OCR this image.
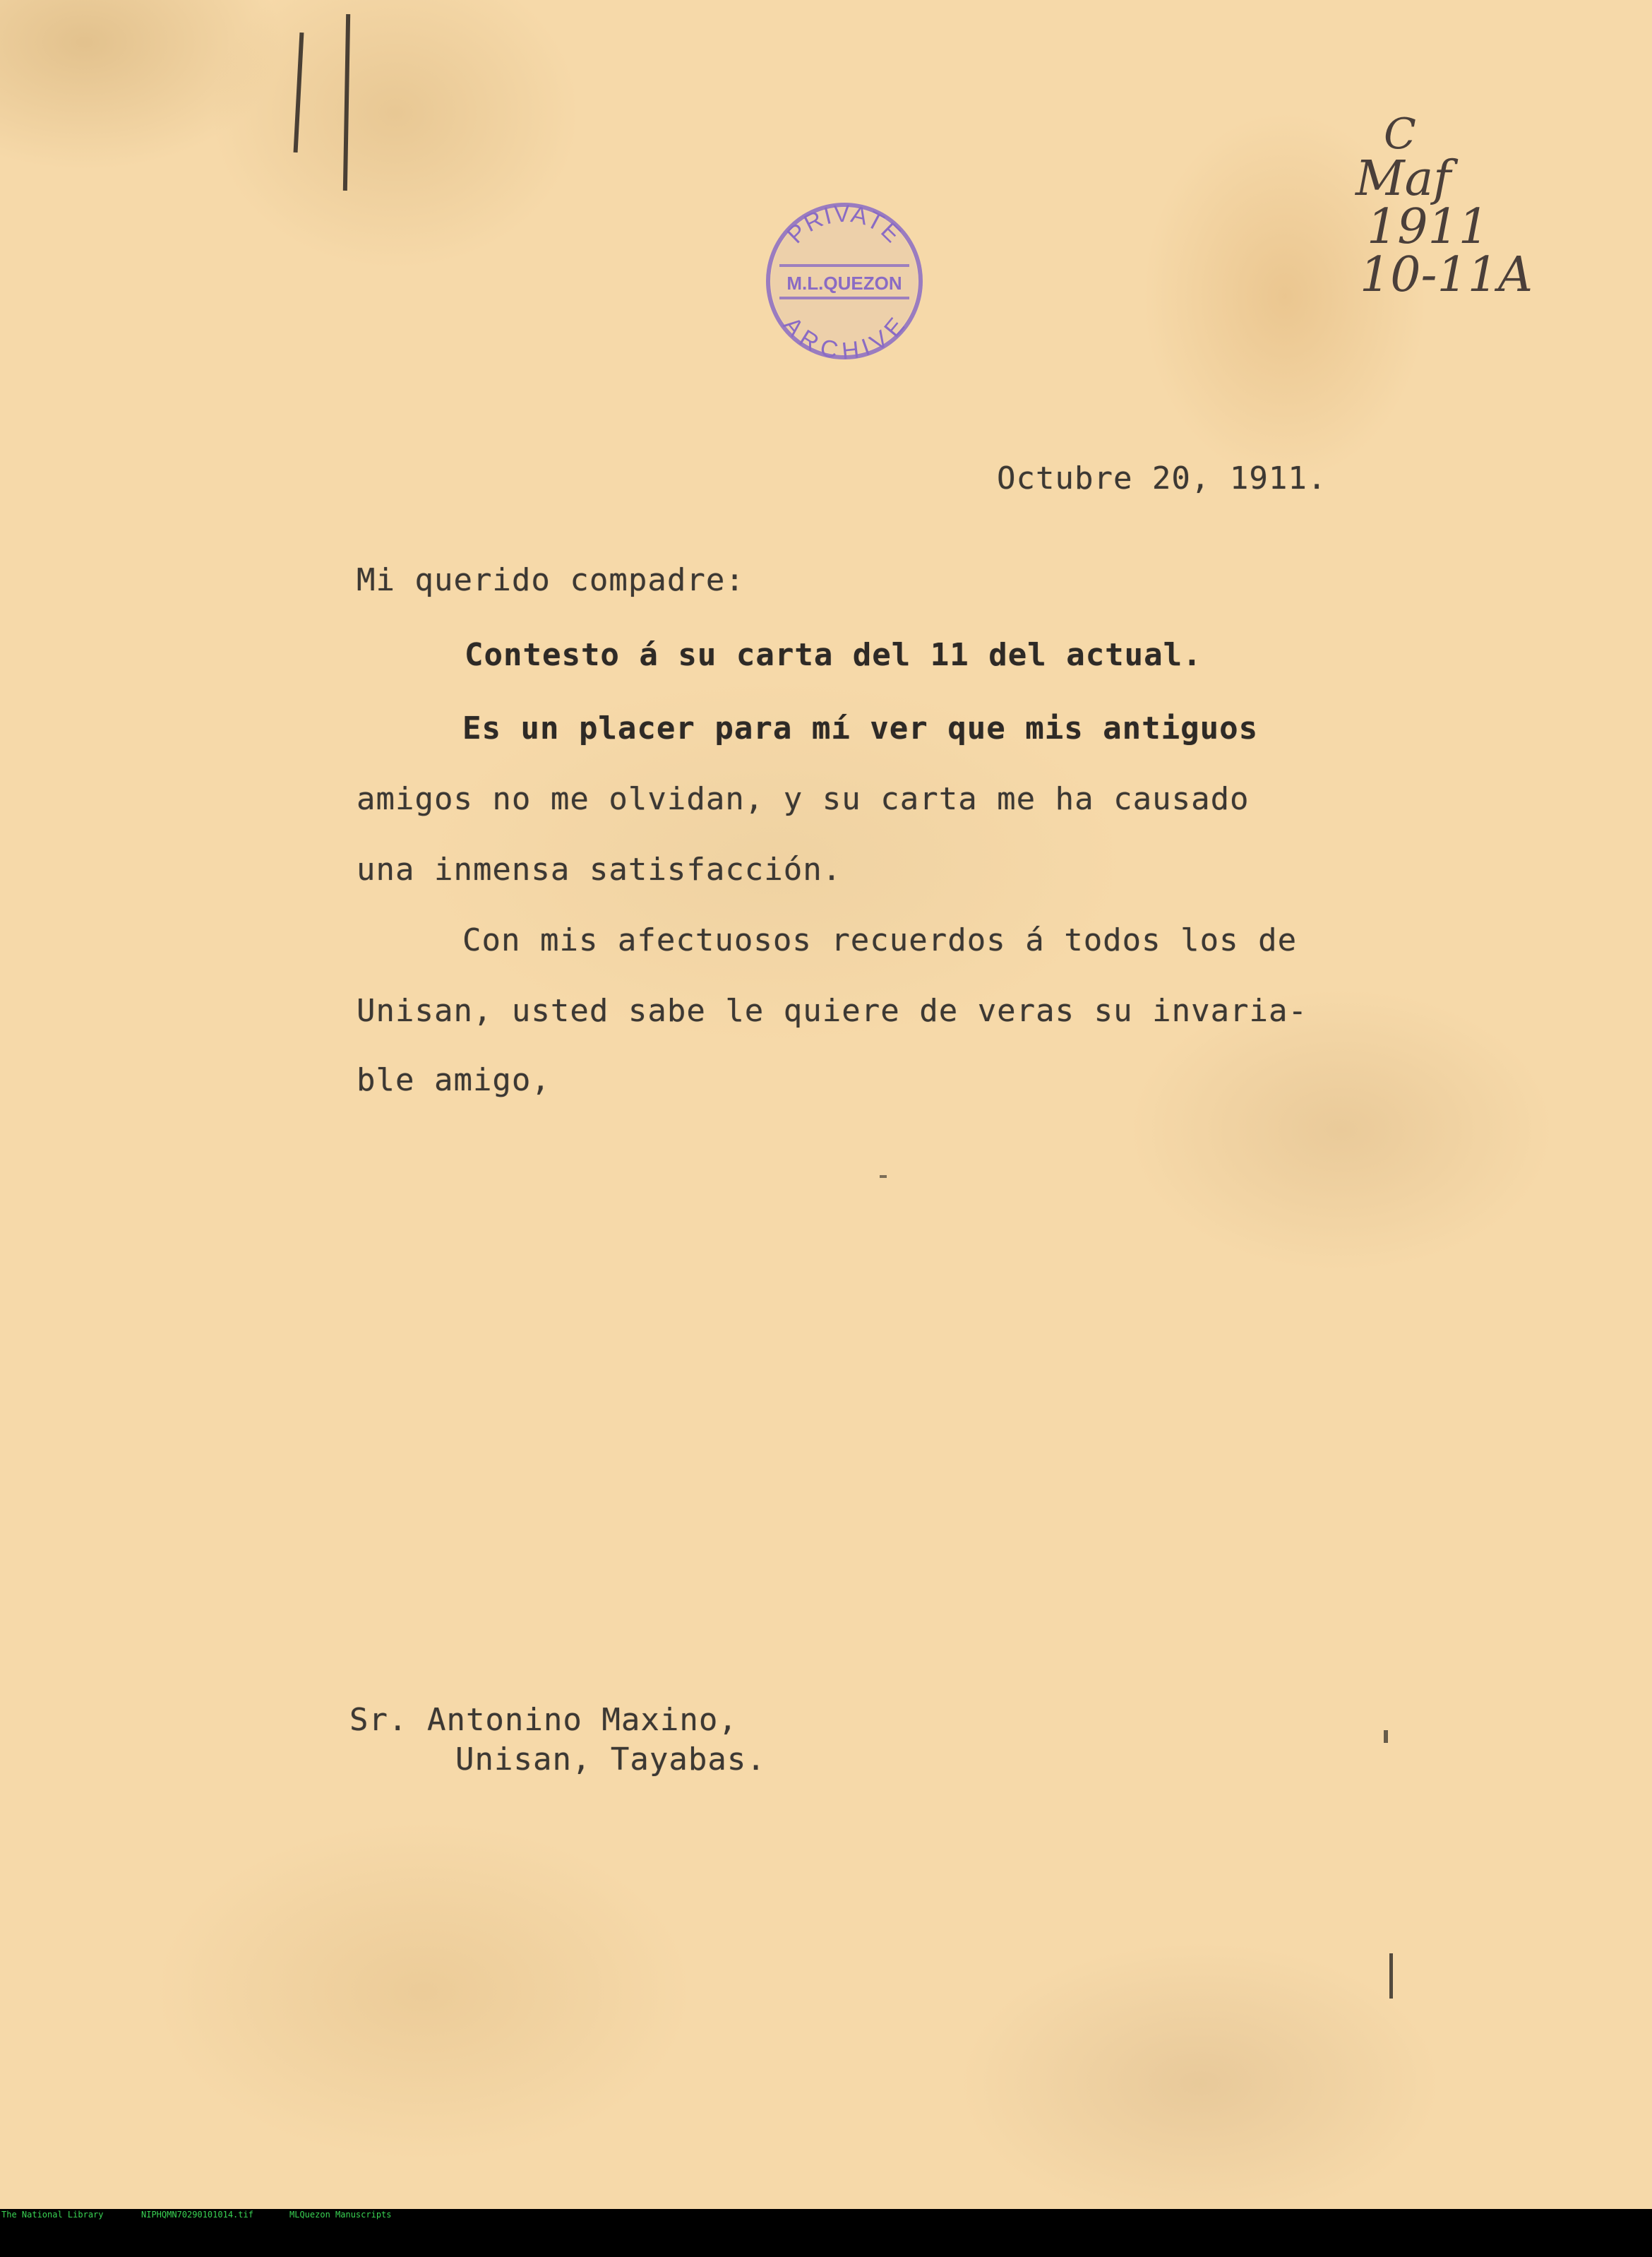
PRIVATE
M.L.QUEZON
ARCHIVE
C
Maf
1911
10-11A
Octubre 20, 1911.
Mi querido compadre:
Contesto á su carta del 11 del actual.
Es un placer para mí ver que mis antiguos
amigos no me olvidan, y su carta me ha causado
una inmensa satisfacción.
Con mis afectuosos recuerdos á todos los de
Unisan, usted sabe le quiere de veras su invaria-
ble amigo,
Sr. Antonino Maxino,
Unisan, Tayabas.

The National Library

	NIPHQMN70290101014.tif

	MLQuezon Manuscripts
